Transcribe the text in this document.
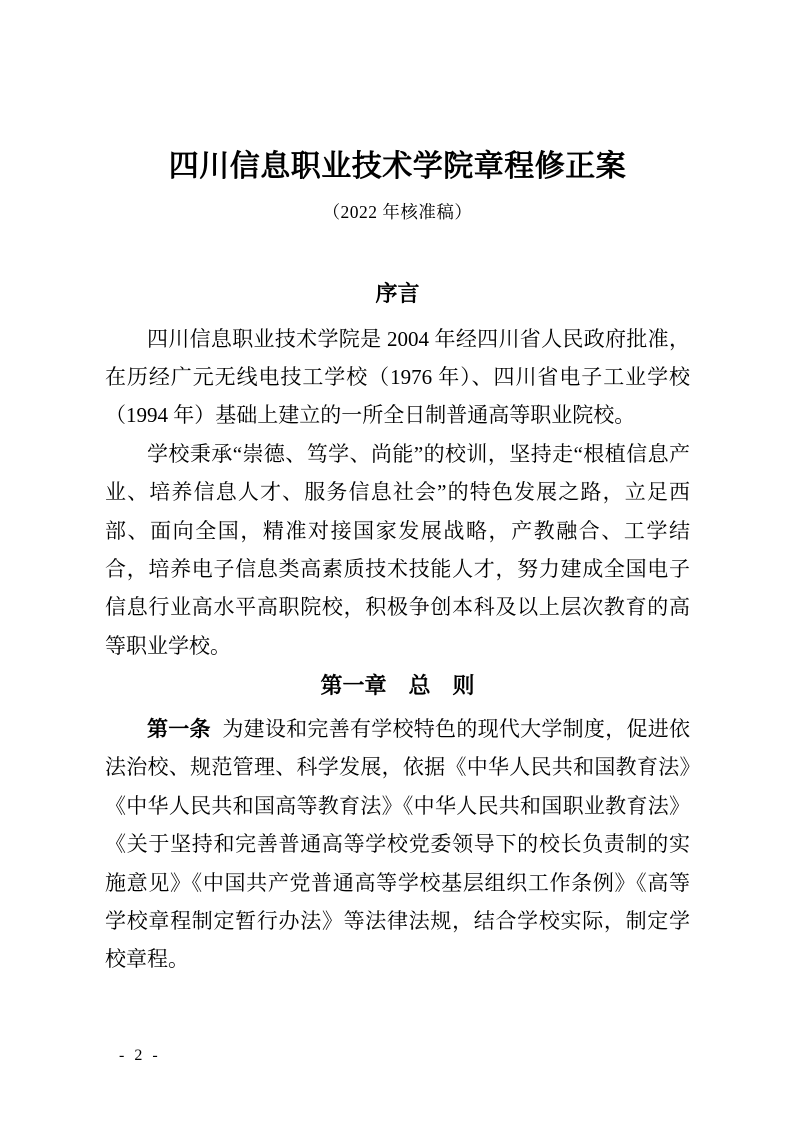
四川信息职业技术学院章程修正案
（2022 年核准稿）
序言

四川信息职业技术学院是 2004 年经四川省人民政府批准，在历经广元无线电技工学校（1976 年）、四川省电子工业学校（1994 年）基础上建立的一所全日制普通高等职业院校。

学校秉承“崇德、笃学、尚能”的校训，坚持走“根植信息产业、培养信息人才、服务信息社会”的特色发展之路，立足西部、面向全国，精准对接国家发展战略，产教融合、工学结合，培养电子信息类高素质技术技能人才，努力建成全国电子信息行业高水平高职院校，积极争创本科及以上层次教育的高等职业学校。

第一章　总　则

第一条 为建设和完善有学校特色的现代大学制度，促进依法治校、规范管理、科学发展，依据《中华人民共和国教育法》《中华人民共和国高等教育法》《中华人民共和国职业教育法》《关于坚持和完善普通高等学校党委领导下的校长负责制的实施意见》《中国共产党普通高等学校基层组织工作条例》《高等学校章程制定暂行办法》等法律法规，结合学校实际，制定学校章程。

- 2 -
